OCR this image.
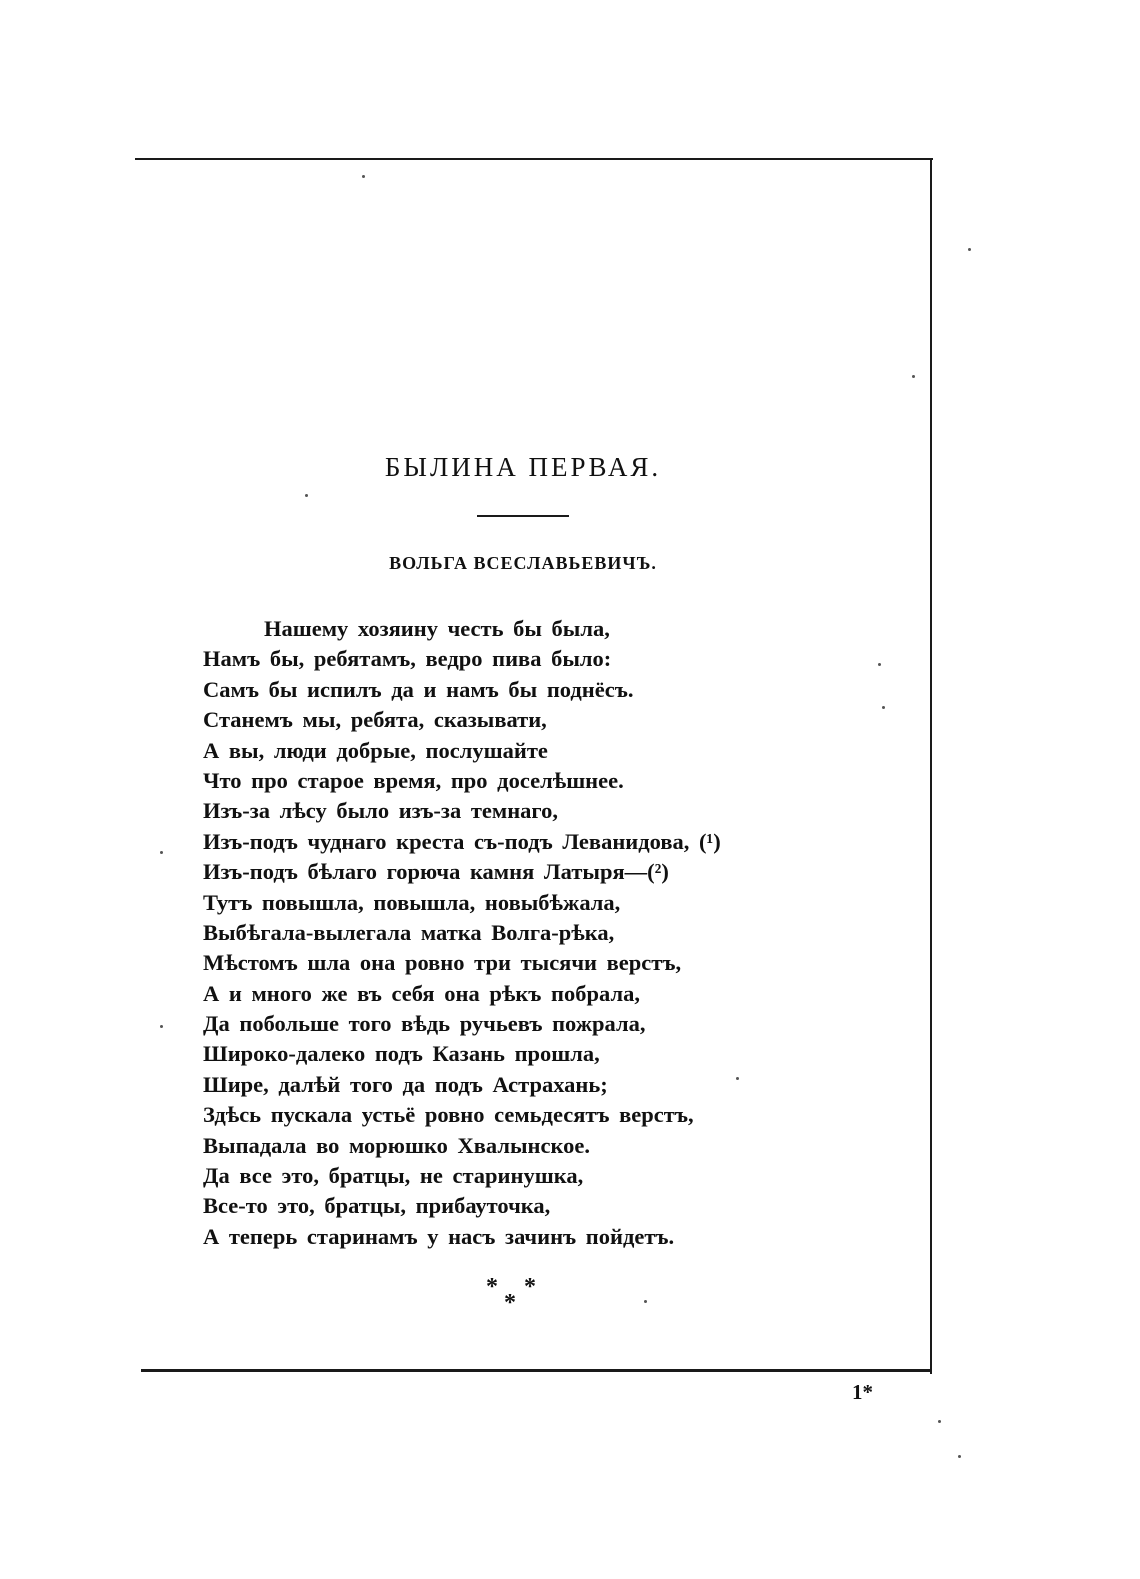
БЫЛИНА ПЕРВАЯ.
ВОЛЬГА ВСЕСЛАВЬЕВИЧЪ.
Нашему хозяину честь бы была,
Намъ бы, ребятамъ, ведро пива было:
Самъ бы испилъ да и намъ бы поднёсъ.
Станемъ мы, ребята, сказывати,
А вы, люди добрые, послушайте
Что про старое время, про доселѣшнее.
Изъ-за лѣсу было изъ-за темнаго,
Изъ-подъ чуднаго креста съ-подъ Леванидова, (¹)
Изъ-подъ бѣлаго горюча камня Латыря—(²)
Тутъ повышла, повышла, новыбѣжала,
Выбѣгала-вылегала матка Волга-рѣка,
Мѣстомъ шла она ровно три тысячи верстъ,
А и много же въ себя она рѣкъ побрала,
Да побольше того вѣдь ручьевъ пожрала,
Широко-далеко подъ Казань прошла,
Шире, далѣй того да подъ Астрахань;
Здѣсь пускала устьё ровно семьдесятъ верстъ,
Выпадала во морюшко Хвалынское.
Да все это, братцы, не старинушка,
Все-то это, братцы, прибауточка,
А теперь старинамъ у насъ зачинъ пойдетъ.
* *
*
1*
